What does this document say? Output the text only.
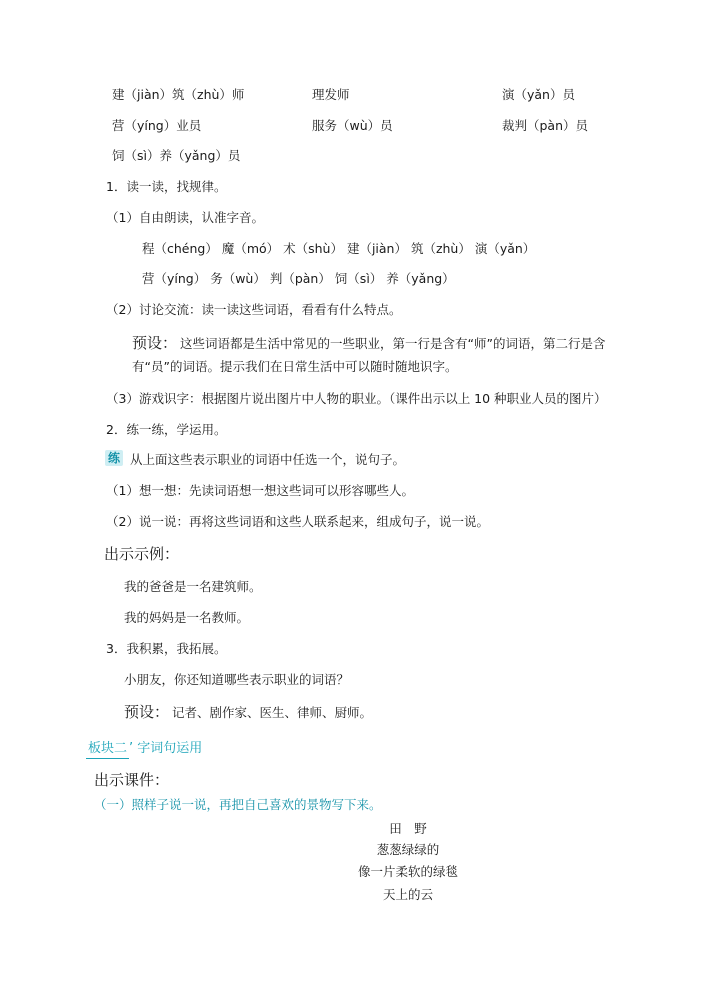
建（jiàn）筑（zhù）师	理发师	演（yǎn）员
营（yíng）业员	服务（wù）员	裁判（pàn）员
饲（sì）养（yǎng）员
1．读一读，找规律。
（1）自由朗读，认准字音。
程（chéng） 魔（mó） 术（shù） 建（jiàn） 筑（zhù） 演（yǎn）
营（yíng） 务（wù） 判（pàn） 饲（sì） 养（yǎng）
（2）讨论交流：读一读这些词语，看看有什么特点。
预设： 这些词语都是生活中常见的一些职业，第一行是含有“师”的词语，第二行是含
有“员”的词语。提示我们在日常生活中可以随时随地识字。
（3）游戏识字：根据图片说出图片中人物的职业。（课件出示以上 10 种职业人员的图片）
2．练一练，学运用。
练 从上面这些表示职业的词语中任选一个，说句子。
（1）想一想：先读词语想一想这些词可以形容哪些人。
（2）说一说：再将这些词语和这些人联系起来，组成句子，说一说。
出示示例：
我的爸爸是一名建筑师。
我的妈妈是一名教师。
3．我积累，我拓展。
小朋友，你还知道哪些表示职业的词语？
预设： 记者、剧作家、医生、律师、厨师。
板块二 ’ 字词句运用
出示课件：
（一）照样子说一说，再把自己喜欢的景物写下来。
田　野
葱葱绿绿的
像一片柔软的绿毯
天上的云
